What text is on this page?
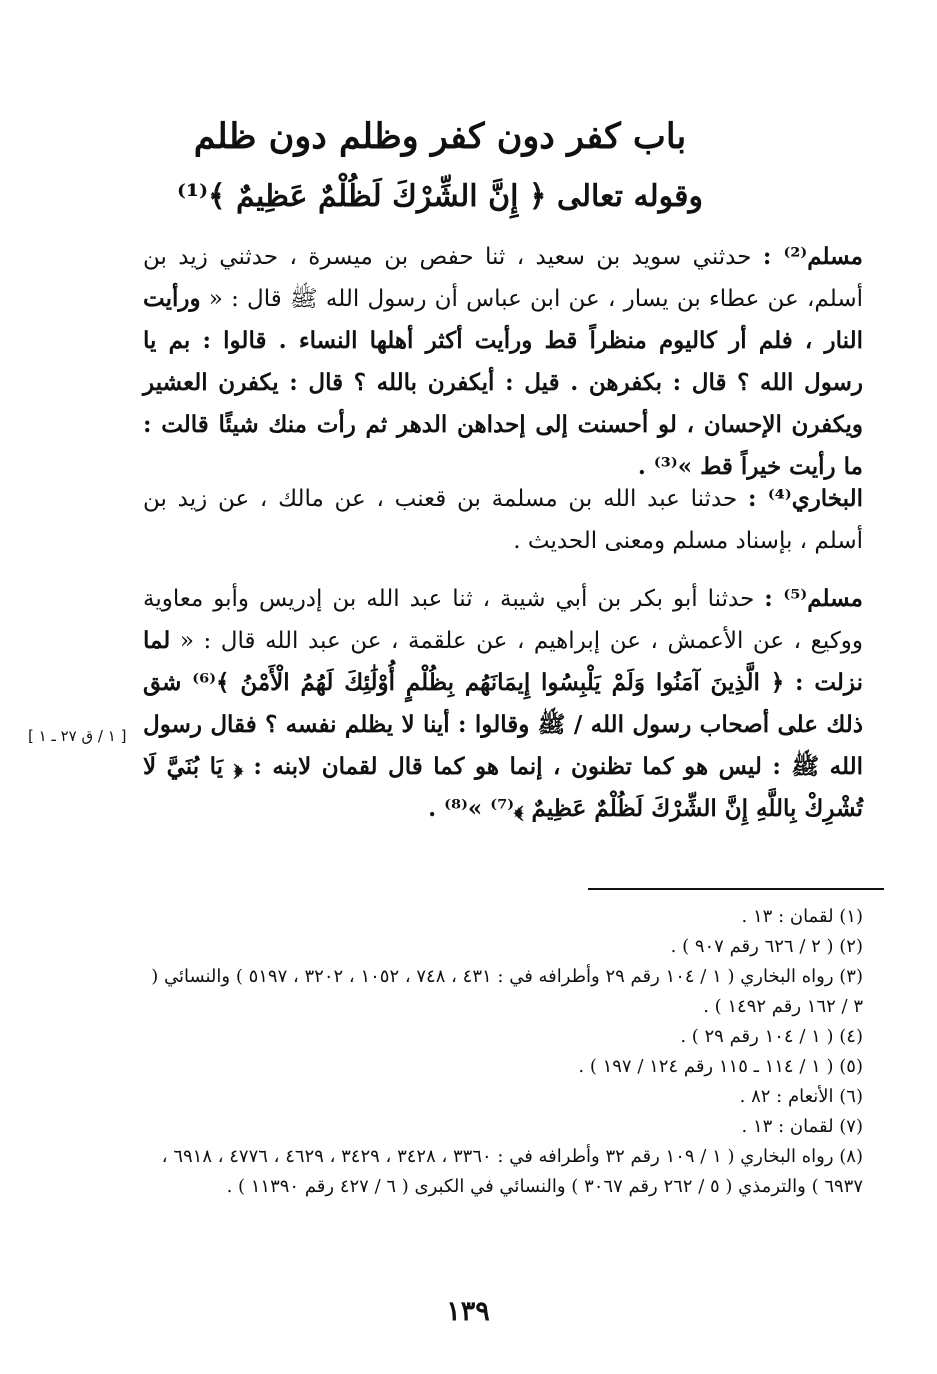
باب كفر دون كفر وظلم دون ظلم
وقوله تعالى ﴿ إِنَّ الشِّرْكَ لَظُلْمٌ عَظِيمٌ ﴾⁽¹⁾

مسلم⁽²⁾ : حدثني سويد بن سعيد ، ثنا حفص بن ميسرة ، حدثني زيد بن أسلم، عن عطاء بن يسار ، عن ابن عباس أن رسول الله ﷺ قال : « ورأيت النار ، فلم أر كاليوم منظراً قط ورأيت أكثر أهلها النساء . قالوا : بم يا رسول الله ؟ قال : بكفرهن . قيل : أيكفرن بالله ؟ قال : يكفرن العشير ويكفرن الإحسان ، لو أحسنت إلى إحداهن الدهر ثم رأت منك شيئًا قالت : ما رأيت خيراً قط »⁽³⁾ .

البخاري⁽⁴⁾ : حدثنا عبد الله بن مسلمة بن قعنب ، عن مالك ، عن زيد بن أسلم ، بإسناد مسلم ومعنى الحديث .

مسلم⁽⁵⁾ : حدثنا أبو بكر بن أبي شيبة ، ثنا عبد الله بن إدريس وأبو معاوية ووكيع ، عن الأعمش ، عن إبراهيم ، عن علقمة ، عن عبد الله قال : « لما نزلت : ﴿ الَّذِينَ آمَنُوا وَلَمْ يَلْبِسُوا إِيمَانَهُم بِظُلْمٍ أُوْلَٰئِكَ لَهُمُ الْأَمْنُ ﴾⁽⁶⁾ شق ذلك على أصحاب رسول الله / ﷺ وقالوا : أينا لا يظلم نفسه ؟ فقال رسول الله ﷺ : ليس هو كما تظنون ، إنما هو كما قال لقمان لابنه : ﴿ يَا بُنَيَّ لَا تُشْرِكْ بِاللَّهِ إِنَّ الشِّرْكَ لَظُلْمٌ عَظِيمٌ ﴾⁽⁷⁾ »⁽⁸⁾ .

[ ١ / ق ٢٧ ـ ١ ]
(١) لقمان : ١٣ .
(٢) ( ٢ / ٦٢٦ رقم ٩٠٧ ) .
(٣) رواه البخاري ( ١ / ١٠٤ رقم ٢٩ وأطرافه في : ٤٣١ ، ٧٤٨ ، ١٠٥٢ ، ٣٢٠٢ ، ٥١٩٧ ) والنسائي ( ٣ / ١٦٢ رقم ١٤٩٢ ) .
(٤) ( ١ / ١٠٤ رقم ٢٩ ) .
(٥) ( ١ / ١١٤ ـ ١١٥ رقم ١٢٤ / ١٩٧ ) .
(٦) الأنعام : ٨٢ .
(٧) لقمان : ١٣ .
(٨) رواه البخاري ( ١ / ١٠٩ رقم ٣٢ وأطرافه في : ٣٣٦٠ ، ٣٤٢٨ ، ٣٤٢٩ ، ٤٦٢٩ ، ٤٧٧٦ ، ٦٩١٨ ، ٦٩٣٧ ) والترمذي ( ٥ / ٢٦٢ رقم ٣٠٦٧ ) والنسائي في الكبرى ( ٦ / ٤٢٧ رقم ١١٣٩٠ ) .
١٣٩
